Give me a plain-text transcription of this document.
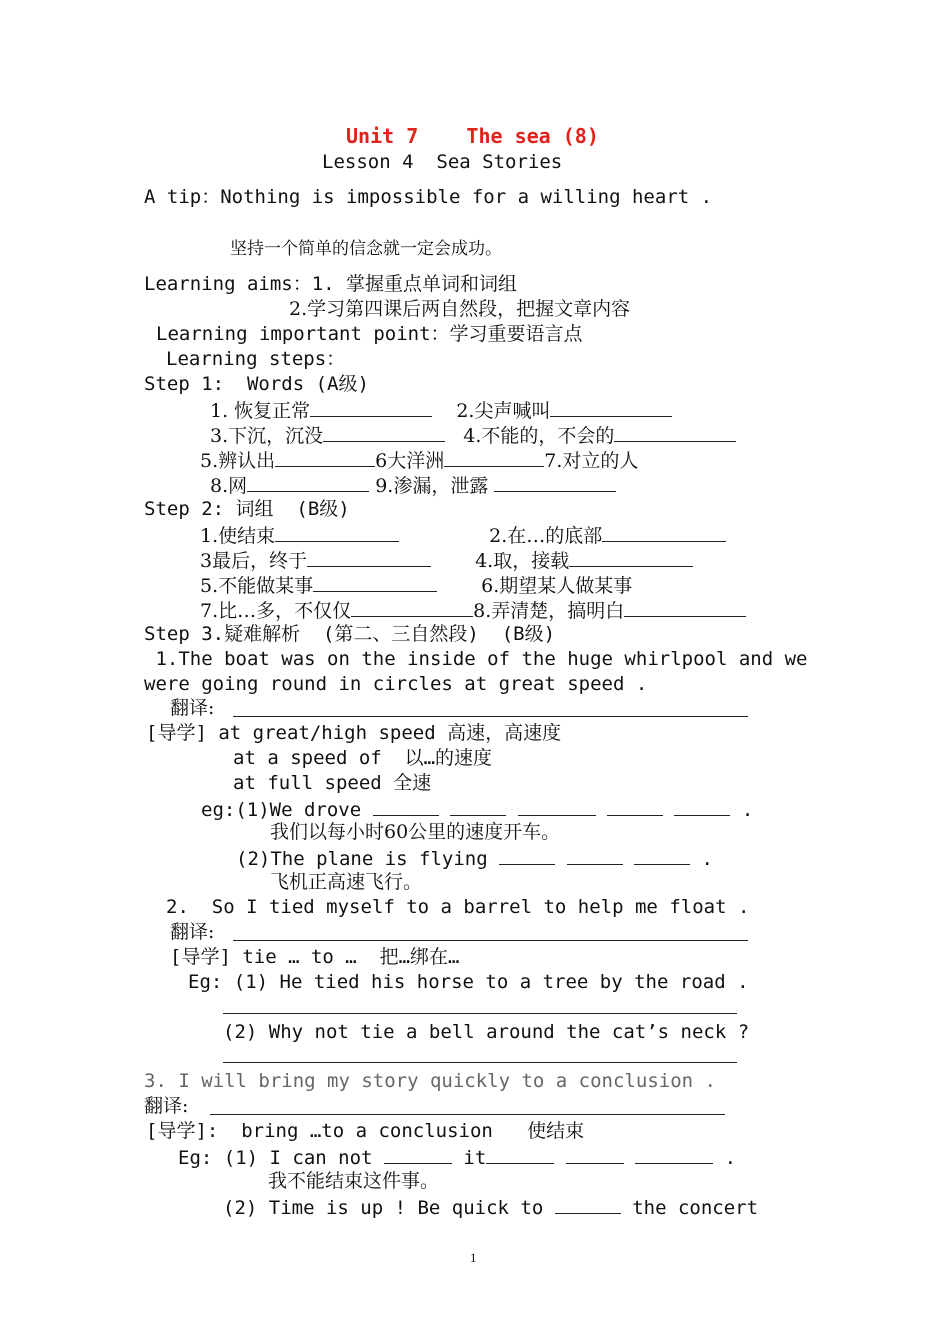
Unit 7    The sea (8)
Lesson 4  Sea Stories
A tip：Nothing is impossible for a willing heart .
坚持一个简单的信念就一定会成功。
Learning aims：1. 掌握重点单词和词组
2.学习第四课后两自然段，把握文章内容
Learning important point：学习重要语言点
Learning steps：
Step 1:  Words (A级)
1. 恢复正常	2.尖声喊叫
3.下沉，沉没	4.不能的，不会的
5.辨认出	6大洋洲	7.对立的人
8.网	9.渗漏，泄露
Step 2: 词组  (B级)
1.使结束	2.在…的底部
3最后，终于	4.取，接载
5.不能做某事	6.期望某人做某事
7.比…多，不仅仅	8.弄清楚，搞明白
Step 3.疑难解析  (第二、三自然段)  (B级)
1.The boat was on the inside of the huge whirlpool and we
were going round in circles at great speed .
翻译:
[导学] at great/high speed 高速，高速度
at a speed of  以…的速度
at full speed 全速
eg:(1)We drove	.
我们以每小时60公里的速度开车。
(2)The plane is flying	.
飞机正高速飞行。
2.  So I tied myself to a barrel to help me float .
翻译:
[导学] tie … to …  把…绑在…
Eg: (1) He tied his horse to a tree by the road .
(2) Why not tie a bell around the cat’s neck ?
3. I will bring my story quickly to a conclusion .
翻译:
[导学]:  bring …to a conclusion   使结束
Eg: (1) I can not	it	.
我不能结束这件事。
(2) Time is up ! Be quick to	the concert
1
